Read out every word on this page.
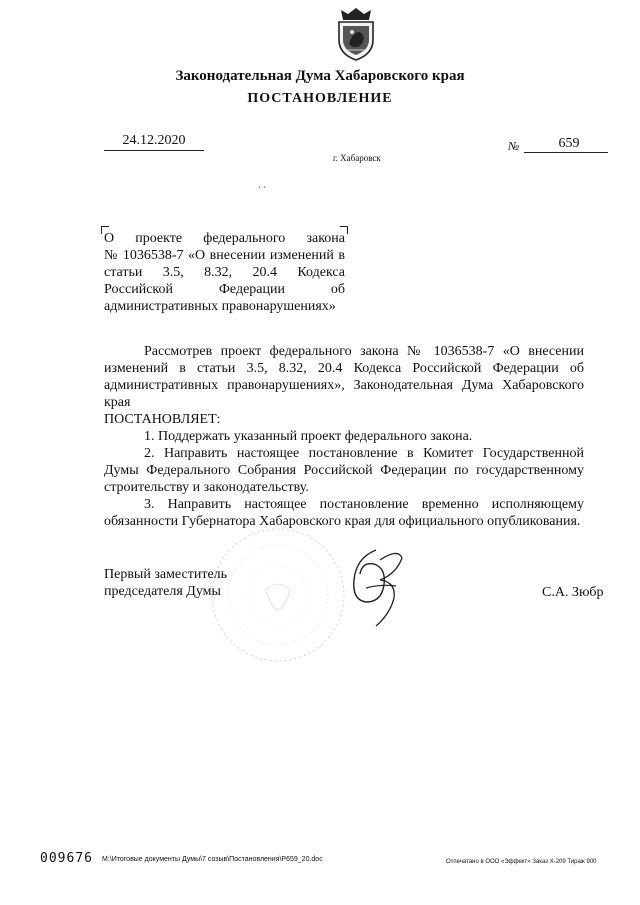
Законодательная Дума Хабаровского края
ПОСТАНОВЛЕНИЕ
24.12.2020	№	659
г. Хабаровск
· ·

О проекте федерального закона

№ 1036538-7 «О внесении изменений в

статьи 3.5, 8.32, 20.4 Кодекса

Российской Федерации об

административных правонарушениях»

Рассмотрев проект федерального закона № 1036538-7 «О внесении изменений в статьи 3.5, 8.32, 20.4 Кодекса Российской Федерации об административных правонарушениях», Законодательная Дума Хабаровского края

ПОСТАНОВЛЯЕТ:

1. Поддержать указанный проект федерального закона.

2. Направить настоящее постановление в Комитет Государственной Думы Федерального Собрания Российской Федерации по государственному строительству и законодательству.

3. Направить настоящее постановление временно исполняющему обязанности Губернатора Хабаровского края для официального опубликования.

Первый заместитель
председателя Думы	С.А. Зюбр
009676 M:\Итоговые документы Думы\7 созыв\Постановления\Р659_20.doc	Отпечатано в ООО «Эффект» Заказ Х-209 Тираж 900
